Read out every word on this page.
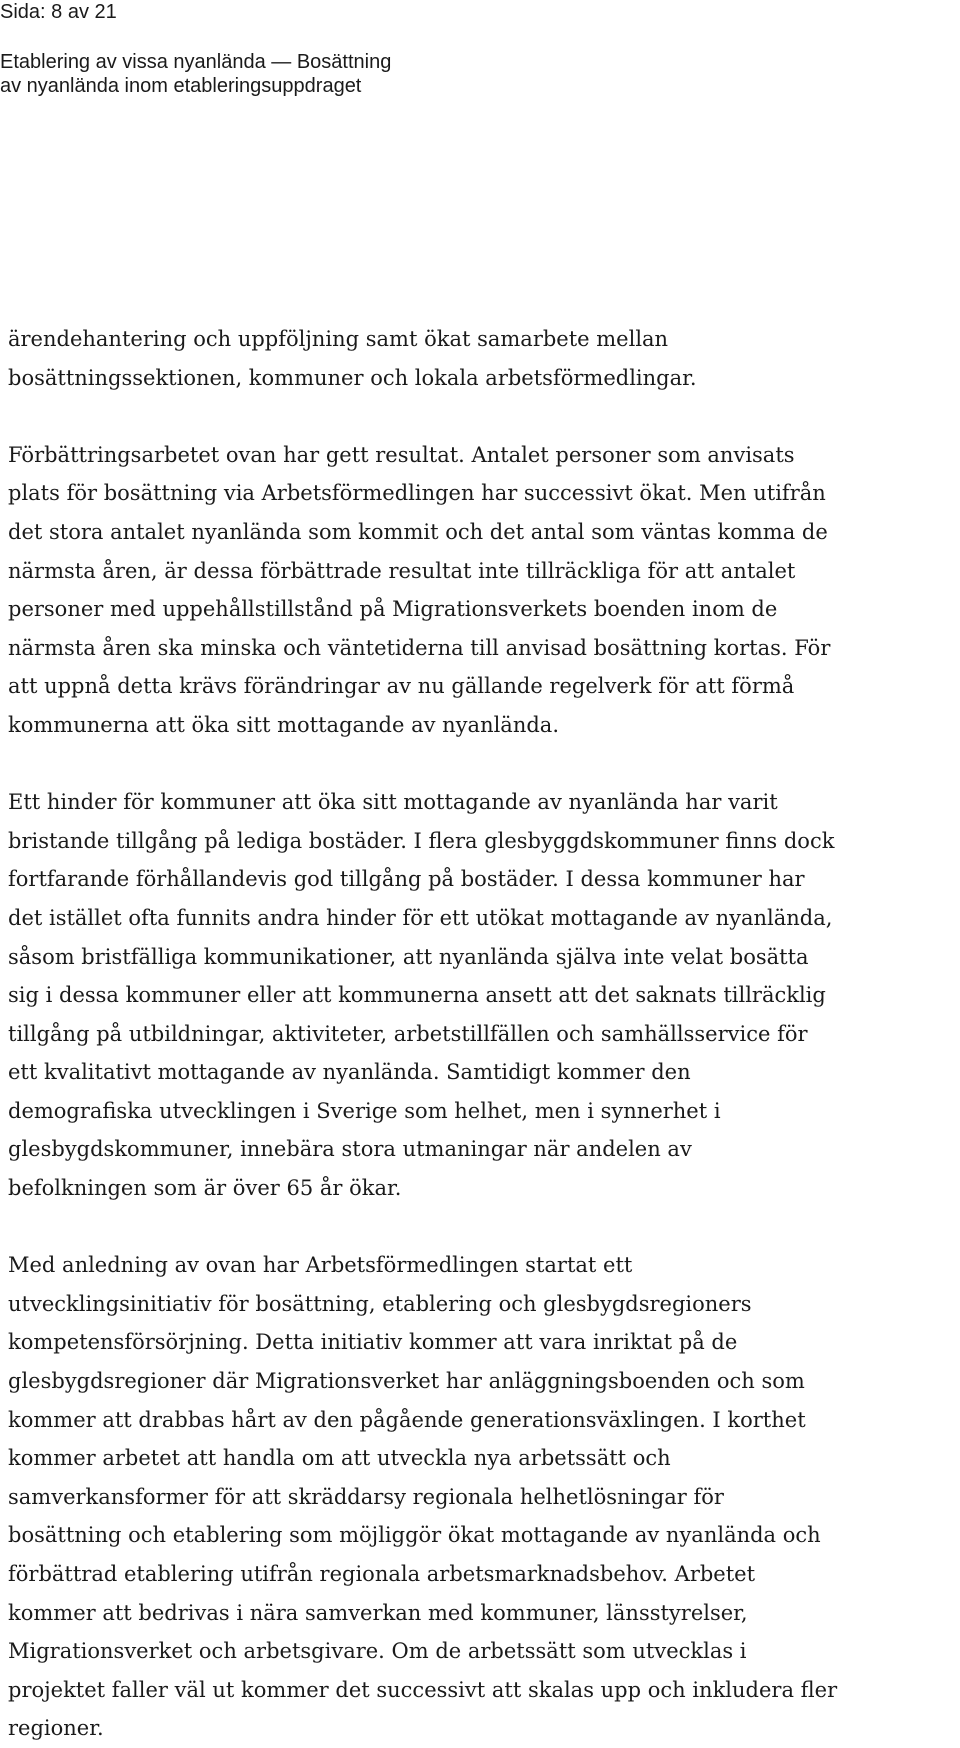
Sida: 8 av 21
Etablering av vissa nyanlända — Bosättning
av nyanlända inom etableringsuppdraget

ärendehantering och uppföljning samt ökat samarbete mellan
bosättningssektionen, kommuner och lokala arbetsförmedlingar.

Förbättringsarbetet ovan har gett resultat. Antalet personer som anvisats
plats för bosättning via Arbetsförmedlingen har successivt ökat. Men utifrån
det stora antalet nyanlända som kommit och det antal som väntas komma de
närmsta åren, är dessa förbättrade resultat inte tillräckliga för att antalet
personer med uppehållstillstånd på Migrationsverkets boenden inom de
närmsta åren ska minska och väntetiderna till anvisad bosättning kortas. För
att uppnå detta krävs förändringar av nu gällande regelverk för att förmå
kommunerna att öka sitt mottagande av nyanlända.

Ett hinder för kommuner att öka sitt mottagande av nyanlända har varit
bristande tillgång på lediga bostäder. I flera glesbyggdskommuner finns dock
fortfarande förhållandevis god tillgång på bostäder. I dessa kommuner har
det istället ofta funnits andra hinder för ett utökat mottagande av nyanlända,
såsom bristfälliga kommunikationer, att nyanlända själva inte velat bosätta
sig i dessa kommuner eller att kommunerna ansett att det saknats tillräcklig
tillgång på utbildningar, aktiviteter, arbetstillfällen och samhällsservice för
ett kvalitativt mottagande av nyanlända. Samtidigt kommer den
demografiska utvecklingen i Sverige som helhet, men i synnerhet i
glesbygdskommuner, innebära stora utmaningar när andelen av
befolkningen som är över 65 år ökar.

Med anledning av ovan har Arbetsförmedlingen startat ett
utvecklingsinitiativ för bosättning, etablering och glesbygdsregioners
kompetensförsörjning. Detta initiativ kommer att vara inriktat på de
glesbygdsregioner där Migrationsverket har anläggningsboenden och som
kommer att drabbas hårt av den pågående generationsväxlingen. I korthet
kommer arbetet att handla om att utveckla nya arbetssätt och
samverkansformer för att skräddarsy regionala helhetlösningar för
bosättning och etablering som möjliggör ökat mottagande av nyanlända och
förbättrad etablering utifrån regionala arbetsmarknadsbehov. Arbetet
kommer att bedrivas i nära samverkan med kommuner, länsstyrelser,
Migrationsverket och arbetsgivare. Om de arbetssätt som utvecklas i
projektet faller väl ut kommer det successivt att skalas upp och inkludera fler
regioner.
